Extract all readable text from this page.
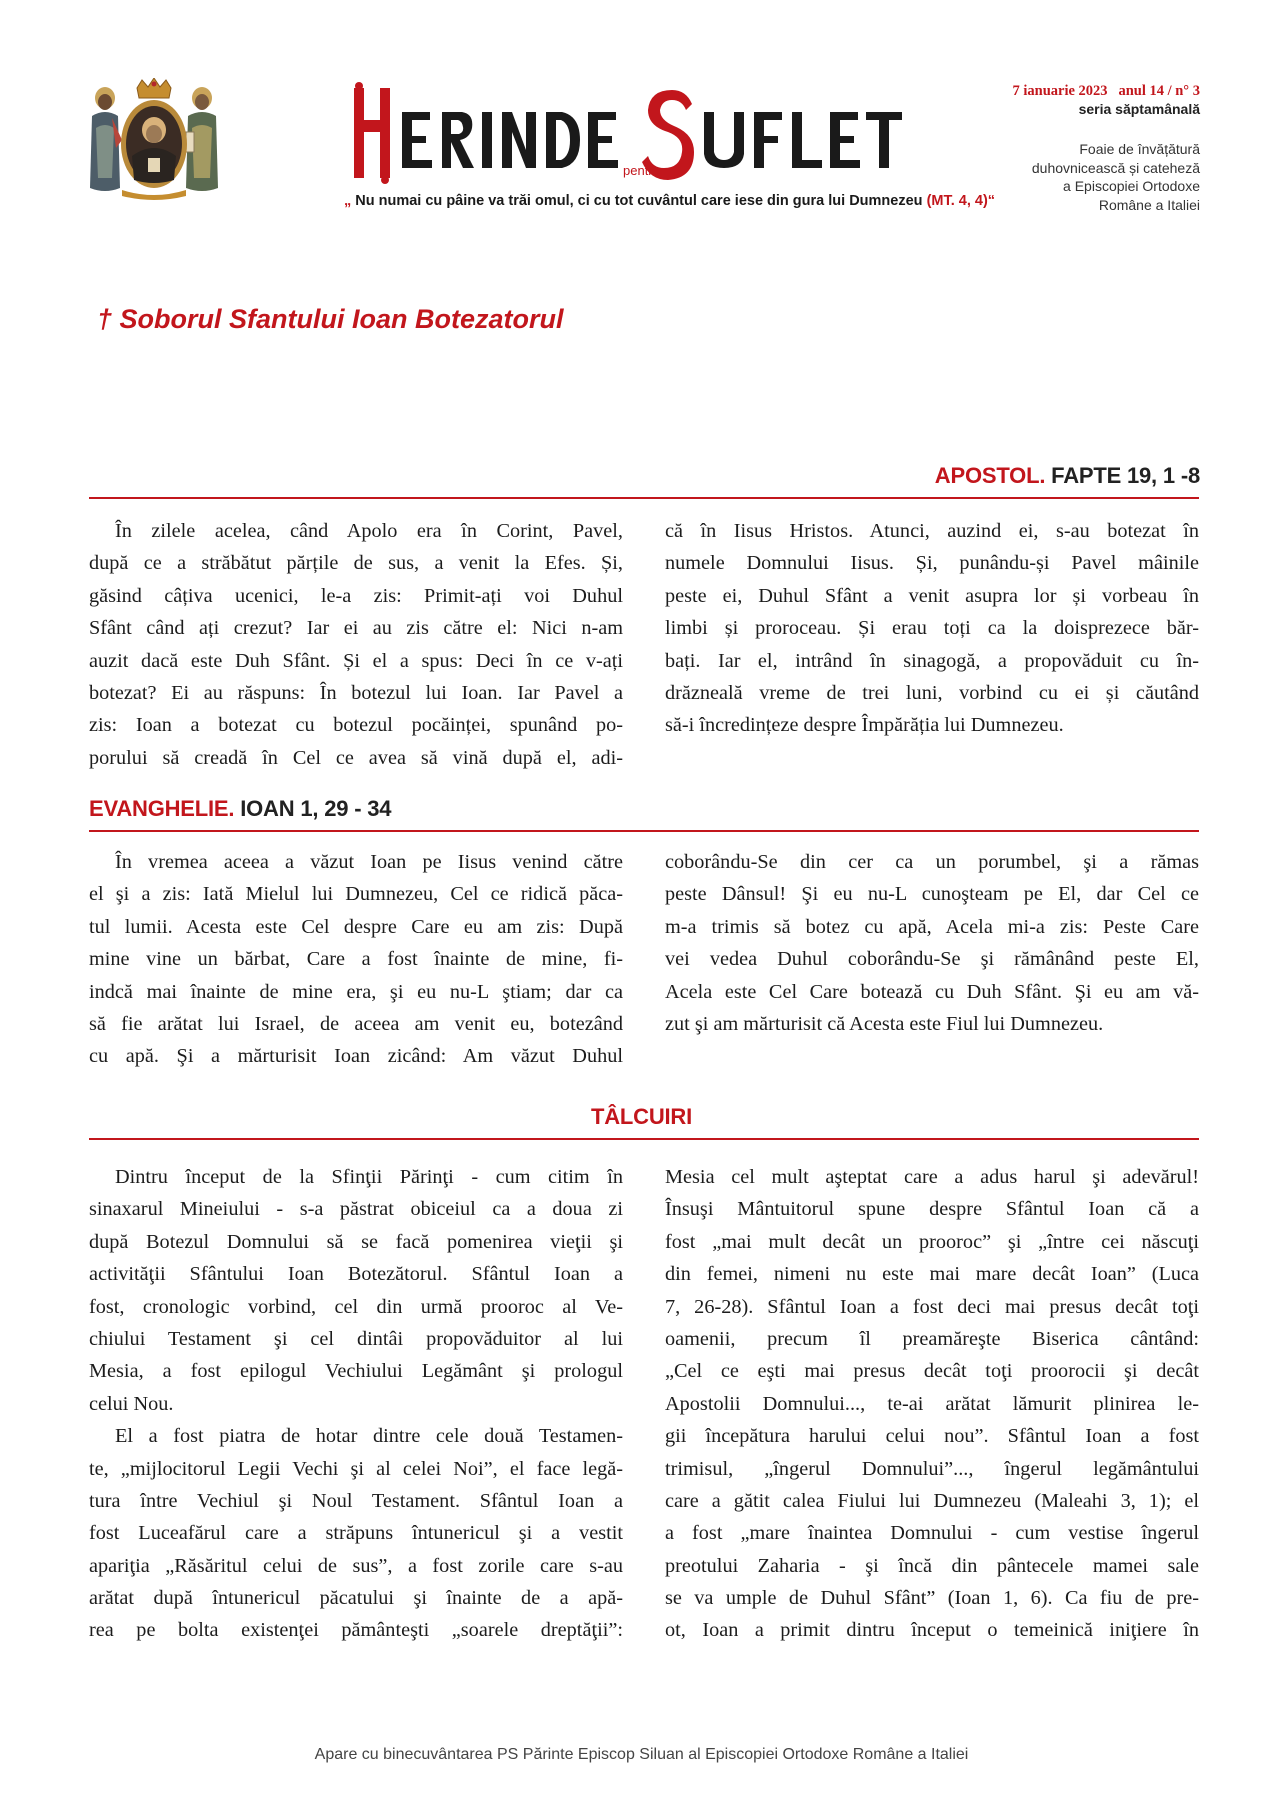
pentru
„ Nu numai cu pâine va trăi omul, ci cu tot cuvântul care iese din gura lui Dumnezeu (MT. 4, 4)“
7 ianuarie 2023 anul 14 / n° 3
seria săptamânală
Foaie de învățătură
duhovnicească și cateheză
a Episcopiei Ortodoxe
Române a Italiei
† Soborul Sfantului Ioan Botezatorul
APOSTOL. FAPTE 19, 1 -8
În zilele acelea, când Apolo era în Corint, Pavel,
după ce a străbătut părțile de sus, a venit la Efes. Și,
găsind câțiva ucenici, le-a zis: Primit-ați voi Duhul
Sfânt când ați crezut? Iar ei au zis către el: Nici n-am
auzit dacă este Duh Sfânt. Și el a spus: Deci în ce v-ați
botezat? Ei au răspuns: În botezul lui Ioan. Iar Pavel a
zis: Ioan a botezat cu botezul pocăinței, spunând po-
porului să creadă în Cel ce avea să vină după el, adi-
că în Iisus Hristos. Atunci, auzind ei, s-au botezat în
numele Domnului Iisus. Și, punându-și Pavel mâinile
peste ei, Duhul Sfânt a venit asupra lor și vorbeau în
limbi și proroceau. Și erau toți ca la doisprezece băr-
bați. Iar el, intrând în sinagogă, a propovăduit cu în-
drăzneală vreme de trei luni, vorbind cu ei și căutând
să-i încredințeze despre Împărăția lui Dumnezeu.
EVANGHELIE. IOAN 1, 29 - 34
În vremea aceea a văzut Ioan pe Iisus venind către
el şi a zis: Iată Mielul lui Dumnezeu, Cel ce ridică păca-
tul lumii. Acesta este Cel despre Care eu am zis: După
mine vine un bărbat, Care a fost înainte de mine, fi-
indcă mai înainte de mine era, şi eu nu-L ştiam; dar ca
să fie arătat lui Israel, de aceea am venit eu, botezând
cu apă. Şi a mărturisit Ioan zicând: Am văzut Duhul
coborându-Se din cer ca un porumbel, şi a rămas
peste Dânsul! Şi eu nu-L cunoşteam pe El, dar Cel ce
m-a trimis să botez cu apă, Acela mi-a zis: Peste Care
vei vedea Duhul coborându-Se şi rămânând peste El,
Acela este Cel Care botează cu Duh Sfânt. Şi eu am vă-
zut şi am mărturisit că Acesta este Fiul lui Dumnezeu.
TÂLCUIRI
Dintru început de la Sfinţii Părinţi - cum citim în
sinaxarul Mineiului - s-a păstrat obiceiul ca a doua zi
după Botezul Domnului să se facă pomenirea vieţii şi
activităţii Sfântului Ioan Botezătorul. Sfântul Ioan a
fost, cronologic vorbind, cel din urmă prooroc al Ve-
chiului Testament şi cel dintâi propovăduitor al lui
Mesia, a fost epilogul Vechiului Legământ şi prologul
celui Nou.
El a fost piatra de hotar dintre cele două Testamen-
te, „mijlocitorul Legii Vechi şi al celei Noi”, el face legă-
tura între Vechiul şi Noul Testament. Sfântul Ioan a
fost Luceafărul care a străpuns întunericul şi a vestit
apariţia „Răsăritul celui de sus”, a fost zorile care s-au
arătat după întunericul păcatului şi înainte de a apă-
rea pe bolta existenţei pământeşti „soarele dreptăţii”:
Mesia cel mult aşteptat care a adus harul şi adevărul!
Însuşi Mântuitorul spune despre Sfântul Ioan că a
fost „mai mult decât un prooroc” şi „între cei născuţi
din femei, nimeni nu este mai mare decât Ioan” (Luca
7, 26-28). Sfântul Ioan a fost deci mai presus decât toţi
oamenii, precum îl preamăreşte Biserica cântând:
„Cel ce eşti mai presus decât toţi proorocii şi decât
Apostolii Domnului..., te-ai arătat lămurit plinirea le-
gii începătura harului celui nou”. Sfântul Ioan a fost
trimisul, „îngerul Domnului”..., îngerul legământului
care a gătit calea Fiului lui Dumnezeu (Maleahi 3, 1); el
a fost „mare înaintea Domnului - cum vestise îngerul
preotului Zaharia - şi încă din pântecele mamei sale
se va umple de Duhul Sfânt” (Ioan 1, 6). Ca fiu de pre-
ot, Ioan a primit dintru început o temeinică iniţiere în
Apare cu binecuvântarea PS Părinte Episcop Siluan al Episcopiei Ortodoxe Române a Italiei
